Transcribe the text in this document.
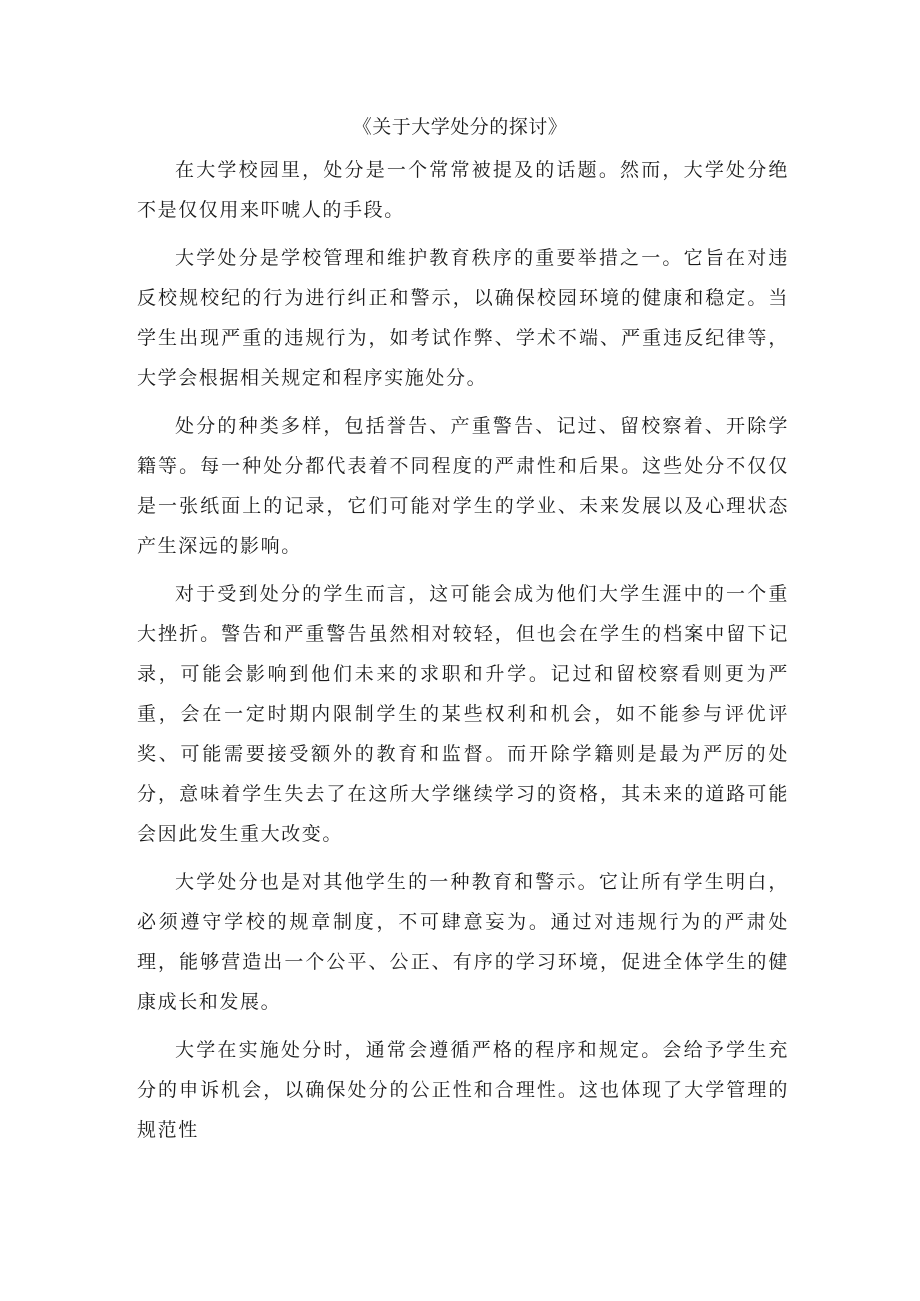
《关于大学处分的探讨》

在大学校园里，处分是一个常常被提及的话题。然而，大学处分绝不是仅仅用来吓唬人的手段。

大学处分是学校管理和维护教育秩序的重要举措之一。它旨在对违反校规校纪的行为进行纠正和警示，以确保校园环境的健康和稳定。当学生出现严重的违规行为，如考试作弊、学术不端、严重违反纪律等，大学会根据相关规定和程序实施处分。

处分的种类多样，包括誉告、产重警告、记过、留校察着、开除学籍等。每一种处分都代表着不同程度的严肃性和后果。这些处分不仅仅是一张纸面上的记录，它们可能对学生的学业、未来发展以及心理状态产生深远的影响。

对于受到处分的学生而言，这可能会成为他们大学生涯中的一个重大挫折。警告和严重警告虽然相对较轻，但也会在学生的档案中留下记录，可能会影响到他们未来的求职和升学。记过和留校察看则更为严重，会在一定时期内限制学生的某些权利和机会，如不能参与评优评奖、可能需要接受额外的教育和监督。而开除学籍则是最为严厉的处分，意味着学生失去了在这所大学继续学习的资格，其未来的道路可能会因此发生重大改变。

大学处分也是对其他学生的一种教育和警示。它让所有学生明白，必须遵守学校的规章制度，不可肆意妄为。通过对违规行为的严肃处理，能够营造出一个公平、公正、有序的学习环境，促进全体学生的健康成长和发展。

大学在实施处分时，通常会遵循严格的程序和规定。会给予学生充分的申诉机会，以确保处分的公正性和合理性。这也体现了大学管理的规范性
